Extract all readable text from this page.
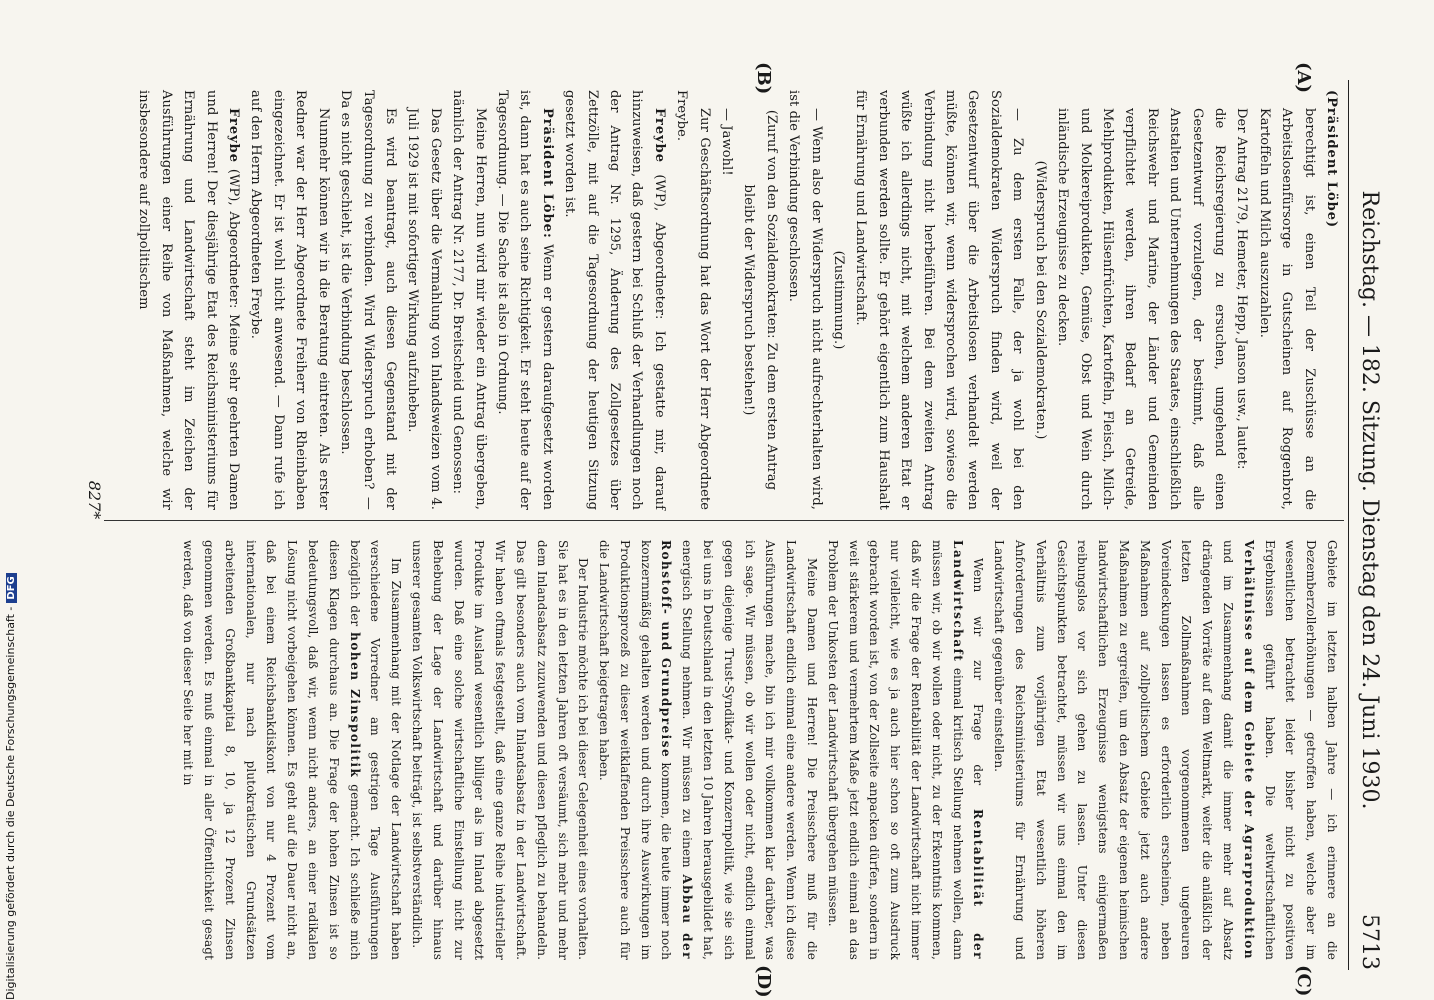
Reichstag. — 182. Sitzung. Dienstag den 24. Juni 1930.
5713
(A)
(B)
(C)
(D)

(Präsident Löbe)

berechtigt ist, einen Teil der Zuschüsse an die Arbeitslosenfürsorge in Gutscheinen auf Roggenbrot, Kartoffeln und Milch auszuzahlen.

Der Antrag 2179, Hemeter, Hepp, Janson usw., lautet:

die Reichsregierung zu ersuchen, umgehend einen Gesetzentwurf vorzulegen, der bestimmt, daß alle Anstalten und Unternehmungen des Staates, einschließlich Reichswehr und Marine, der Länder und Gemeinden verpflichtet werden, ihren Bedarf an Getreide, Mehlprodukten, Hülsenfrüchten, Kartoffeln, Fleisch, Milch- und Molkereiprodukten, Gemüse, Obst und Wein durch inländische Erzeugnisse zu decken.

(Widerspruch bei den Sozialdemokraten.)

— Zu dem ersten Falle, der ja wohl bei den Sozialdemokraten Widerspruch finden wird, weil der Gesetzentwurf über die Arbeitslosen verhandelt werden müßte, können wir, wenn widersprochen wird, sowieso die Verbindung nicht herbeiführen. Bei dem zweiten Antrag wüßte ich allerdings nicht, mit welchem anderen Etat er verbunden werden sollte. Er gehört eigentlich zum Haushalt für Ernährung und Landwirtschaft.

(Zustimmung.)

— Wenn also der Widerspruch nicht aufrechterhalten wird, ist die Verbindung geschlossen.

(Zuruf von den Sozialdemokraten: Zu dem ersten Antrag bleibt der Widerspruch bestehen!)

— Jawohl!

Zur Geschäftsordnung hat das Wort der Herr Abgeordnete Freybe.

Freybe (WP), Abgeordneter: Ich gestatte mir, darauf hinzuweisen, daß gestern bei Schluß der Verhandlungen noch der Antrag Nr. 1295, Änderung des Zollgesetzes über Zettzölle, mit auf die Tagesordnung der heutigen Sitzung gesetzt worden ist.

Präsident Löbe: Wenn er gestern daraufgesetzt worden ist, dann hat es auch seine Richtigkeit. Er steht heute auf der Tagesordnung. — Die Sache ist also in Ordnung.

Meine Herren, nun wird mir wieder ein Antrag übergeben, nämlich der Antrag Nr. 2177, Dr. Breitscheid und Genossen:

Das Gesetz über die Vermahlung von Inlandsweizen vom 4. Juli 1929 ist mit sofortiger Wirkung aufzuheben.

Es wird beantragt, auch diesen Gegenstand mit der Tagesordnung zu verbinden. Wird Widerspruch erhoben? — Da es nicht geschieht, ist die Verbindung beschlossen.

Nunmehr können wir in die Beratung eintreten. Als erster Redner war der Herr Abgeordnete Freiherr von Rheinbaben eingezeichnet. Er ist wohl nicht anwesend. — Dann rufe ich auf den Herrn Abgeordneten Freybe.

Freybe (WP), Abgeordneter: Meine sehr geehrten Damen und Herren! Der diesjährige Etat des Reichsministeriums für Ernährung und Landwirtschaft steht im Zeichen der Ausführungen einer Reihe von Maßnahmen, welche wir insbesondere auf zollpolitischem

Gebiete im letzten halben Jahre — ich erinnere an die Dezemberzollerhöhungen — getroffen haben, welche aber im wesentlichen betrachtet leider bisher nicht zu positiven Ergebnissen geführt haben. Die weltwirtschaftlichen Verhältnisse auf dem Gebiete der Agrarproduktion und im Zusammenhang damit die immer mehr auf Absatz drängenden Vorräte auf dem Weltmarkt, weiter die anläßlich der letzten Zollmaßnahmen vorgenommenen ungeheuren Voreindeckungen lassen es erforderlich erscheinen, neben Maßnahmen auf zollpolitischem Gebiete jetzt auch andere Maßnahmen zu ergreifen, um den Absatz der eigenen heimischen landwirtschaftlichen Erzeugnisse wenigstens einigermaßen reibungslos vor sich gehen zu lassen. Unter diesen Gesichtspunkten betrachtet, müssen wir uns einmal den im Verhältnis zum vorjährigen Etat wesentlich höheren Anforderungen des Reichsministeriums für Ernährung und Landwirtschaft gegenüber einstellen.

Wenn wir zur Frage der Rentabilität der Landwirtschaft einmal kritisch Stellung nehmen wollen, dann müssen wir, ob wir wollen oder nicht, zu der Erkenntnis kommen, daß wir die Frage der Rentabilität der Landwirtschaft nicht immer nur vielleicht, wie es ja auch hier schon so oft zum Ausdruck gebracht worden ist, von der Zollseite anpacken dürfen, sondern in weit stärkerem und vermehrtem Maße jetzt endlich einmal an das Problem der Unkosten der Landwirtschaft übergehen müssen.

Meine Damen und Herren! Die Preisschere muß für die Landwirtschaft endlich einmal eine andere werden. Wenn ich diese Ausführungen mache, bin ich mir vollkommen klar darüber, was ich sage. Wir müssen, ob wir wollen oder nicht, endlich einmal gegen diejenige Trust-Syndikat- und Konzernpolitik, wie sie sich bei uns in Deutschland in den letzten 10 Jahren herausgebildet hat, energisch Stellung nehmen. Wir müssen zu einem Abbau der Rohstoff- und Grundpreise kommen, die heute immer noch konzernmäßig gehalten werden und durch ihre Auswirkungen im Produktionsprozeß zu dieser weitklaffenden Preisschere auch für die Landwirtschaft beigetragen haben.

Der Industrie möchte ich bei dieser Gelegenheit eines vorhalten. Sie hat es in den letzten Jahren oft versäumt, sich mehr und mehr dem Inlandsabsatz zuzuwenden und diesen pfleglich zu behandeln. Das gilt besonders auch vom Inlandsabsatz in der Landwirtschaft. Wir haben oftmals festgestellt, daß eine ganze Reihe industrieller Produkte im Ausland wesentlich billiger als im Inland abgesetzt wurden. Daß eine solche wirtschaftliche Einstellung nicht zur Behebung der Lage der Landwirtschaft und darüber hinaus unserer gesamten Volkswirtschaft beiträgt, ist selbstverständlich.

Im Zusammenhang mit der Notlage der Landwirtschaft haben verschiedene Vorredner am gestrigen Tage Ausführungen bezüglich der hohen Zinspolitik gemacht. Ich schließe mich diesen Klagen durchaus an. Die Frage der hohen Zinsen ist so bedeutungsvoll, daß wir, wenn nicht anders, an einer radikalen Lösung nicht vorbeigehen können. Es geht auf die Dauer nicht an, daß bei einem Reichsbankdiskont von nur 4 Prozent vom internationalen, nur nach plutokratischen Grundsätzen arbeitenden Großbankkapital 8, 10, ja 12 Prozent Zinsen genommen werden. Es muß einmal in aller Öffentlichkeit gesagt werden, daß von dieser Seite her mit in

827*
Digitalisierung gefördert durch die Deutsche Forschungsgemeinschaft -DFG
